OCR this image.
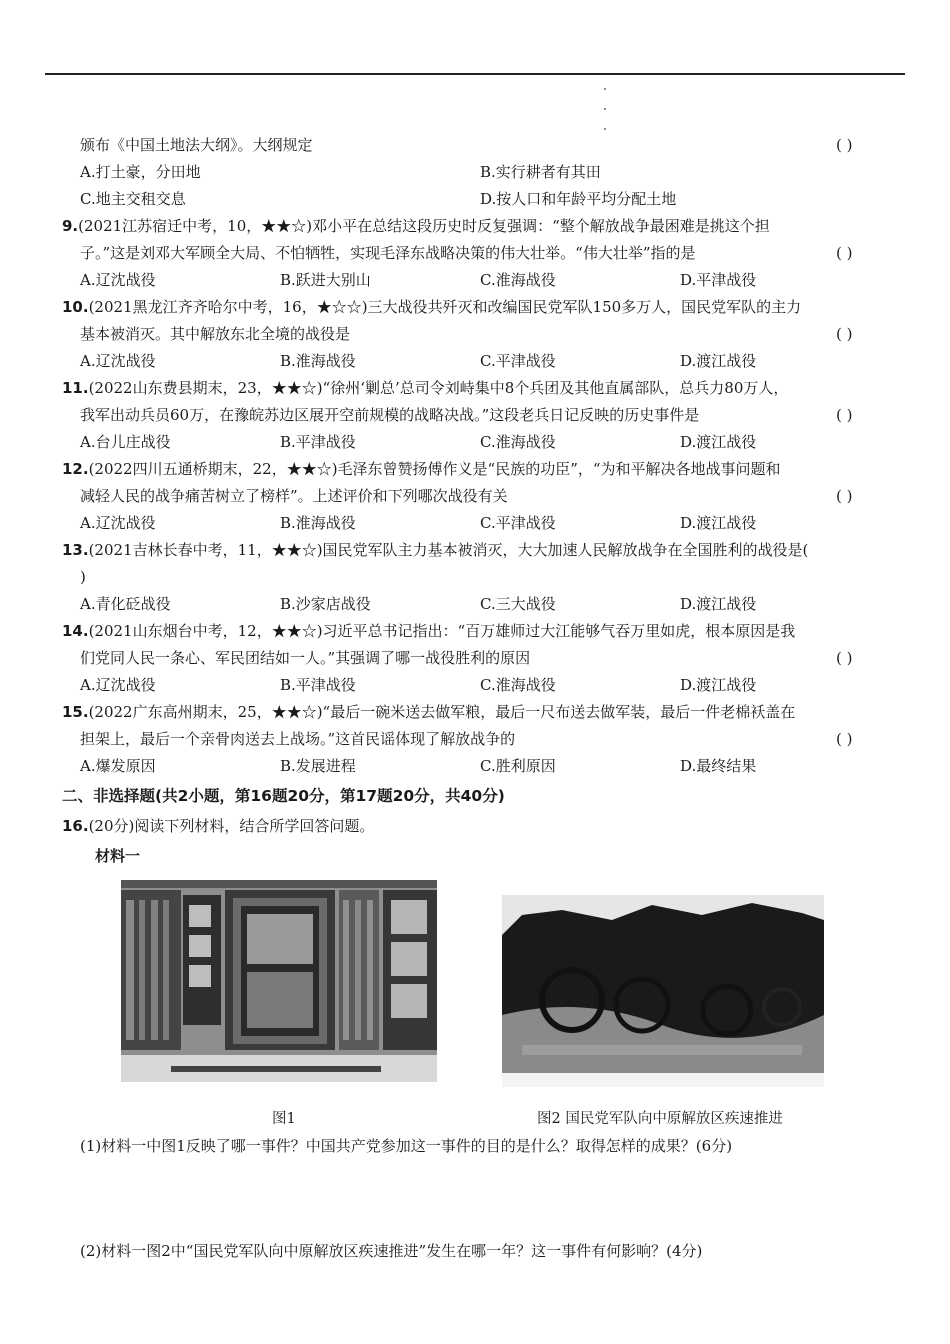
颁布《中国土地法大纲》。大纲规定	( )
A.打土豪，分田地	B.实行耕者有其田
C.地主交租交息	D.按人口和年龄平均分配土地
9.(2021江苏宿迁中考，10，★★☆)邓小平在总结这段历史时反复强调：“整个解放战争最困难是挑这个担
子。”这是刘邓大军顾全大局、不怕牺牲，实现毛泽东战略决策的伟大壮举。“伟大壮举”指的是	( )
A.辽沈战役	B.跃进大别山	C.淮海战役	D.平津战役
10.(2021黑龙江齐齐哈尔中考，16，★☆☆)三大战役共歼灭和改编国民党军队150多万人，国民党军队的主力
基本被消灭。其中解放东北全境的战役是	( )
A.辽沈战役	B.淮海战役	C.平津战役	D.渡江战役
11.(2022山东费县期末，23，★★☆)“徐州‘剿总’总司令刘峙集中8个兵团及其他直属部队，总兵力80万人，
我军出动兵员60万，在豫皖苏边区展开空前规模的战略决战。”这段老兵日记反映的历史事件是	( )
A.台儿庄战役	B.平津战役	C.淮海战役	D.渡江战役
12.(2022四川五通桥期末，22，★★☆)毛泽东曾赞扬傅作义是“民族的功臣”，“为和平解决各地战事问题和
减轻人民的战争痛苦树立了榜样”。上述评价和下列哪次战役有关	( )
A.辽沈战役	B.淮海战役	C.平津战役	D.渡江战役
13.(2021吉林长春中考，11，★★☆)国民党军队主力基本被消灭，大大加速人民解放战争在全国胜利的战役是(
)
A.青化砭战役	B.沙家店战役	C.三大战役	D.渡江战役
14.(2021山东烟台中考，12，★★☆)习近平总书记指出：“百万雄师过大江能够气吞万里如虎，根本原因是我
们党同人民一条心、军民团结如一人。”其强调了哪一战役胜利的原因	( )
A.辽沈战役	B.平津战役	C.淮海战役	D.渡江战役
15.(2022广东高州期末，25，★★☆)“最后一碗米送去做军粮，最后一尺布送去做军装，最后一件老棉袄盖在
担架上，最后一个亲骨肉送去上战场。”这首民谣体现了解放战争的	( )
A.爆发原因	B.发展进程	C.胜利原因	D.最终结果
二、非选择题(共2小题，第16题20分，第17题20分，共40分)
16.(20分)阅读下列材料，结合所学回答问题。
材料一
图1	图2 国民党军队向中原解放区疾速推进
(1)材料一中图1反映了哪一事件？中国共产党参加这一事件的目的是什么？取得怎样的成果？(6分)
(2)材料一图2中“国民党军队向中原解放区疾速推进”发生在哪一年？这一事件有何影响？(4分)
